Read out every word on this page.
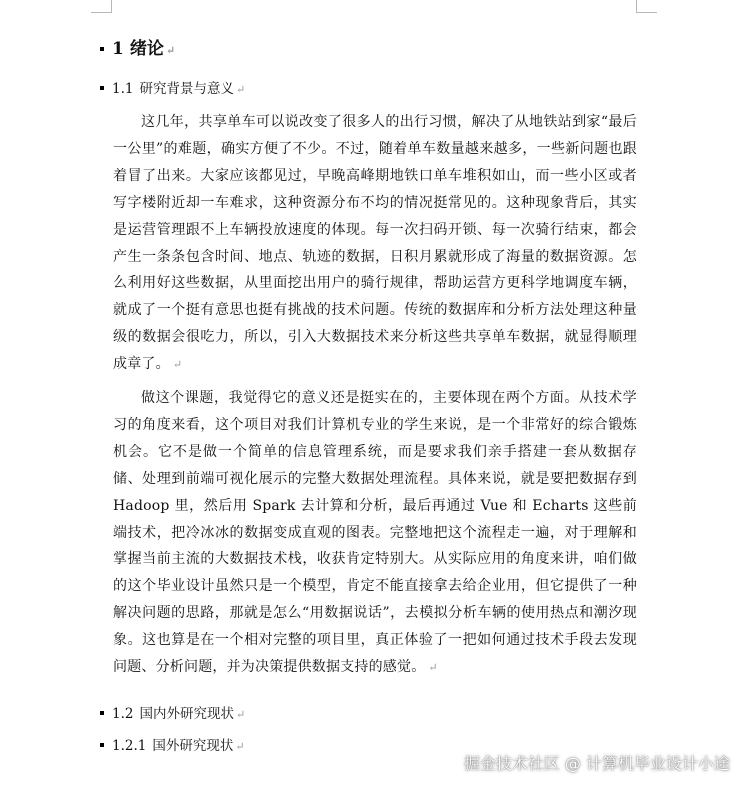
1 绪论 ↵
1.1 研究背景与意义 ↵

这几年，共享单车可以说改变了很多人的出行习惯，解决了从地铁站到家“最后一公里”的难题，确实方便了不少。不过，随着单车数量越来越多，一些新问题也跟着冒了出来。大家应该都见过，早晚高峰期地铁口单车堆积如山，而一些小区或者写字楼附近却一车难求，这种资源分布不均的情况挺常见的。这种现象背后，其实是运营管理跟不上车辆投放速度的体现。每一次扫码开锁、每一次骑行结束，都会产生一条条包含时间、地点、轨迹的数据，日积月累就形成了海量的数据资源。怎么利用好这些数据，从里面挖出用户的骑行规律，帮助运营方更科学地调度车辆，就成了一个挺有意思也挺有挑战的技术问题。传统的数据库和分析方法处理这种量级的数据会很吃力，所以，引入大数据技术来分析这些共享单车数据，就显得顺理成章了。 ↵

做这个课题，我觉得它的意义还是挺实在的，主要体现在两个方面。从技术学习的角度来看，这个项目对我们计算机专业的学生来说，是一个非常好的综合锻炼机会。它不是做一个简单的信息管理系统，而是要求我们亲手搭建一套从数据存储、处理到前端可视化展示的完整大数据处理流程。具体来说，就是要把数据存到 Hadoop 里，然后用 Spark 去计算和分析，最后再通过 Vue 和 Echarts 这些前端技术，把冷冰冰的数据变成直观的图表。完整地把这个流程走一遍，对于理解和掌握当前主流的大数据技术栈，收获肯定特别大。从实际应用的角度来讲，咱们做的这个毕业设计虽然只是一个模型，肯定不能直接拿去给企业用，但它提供了一种解决问题的思路，那就是怎么“用数据说话”，去模拟分析车辆的使用热点和潮汐现象。这也算是在一个相对完整的项目里，真正体验了一把如何通过技术手段去发现问题、分析问题，并为决策提供数据支持的感觉。 ↵

1.2 国内外研究现状 ↵
1.2.1 国外研究现状 ↵
掘金技术社区 @ 计算机毕业设计小途
